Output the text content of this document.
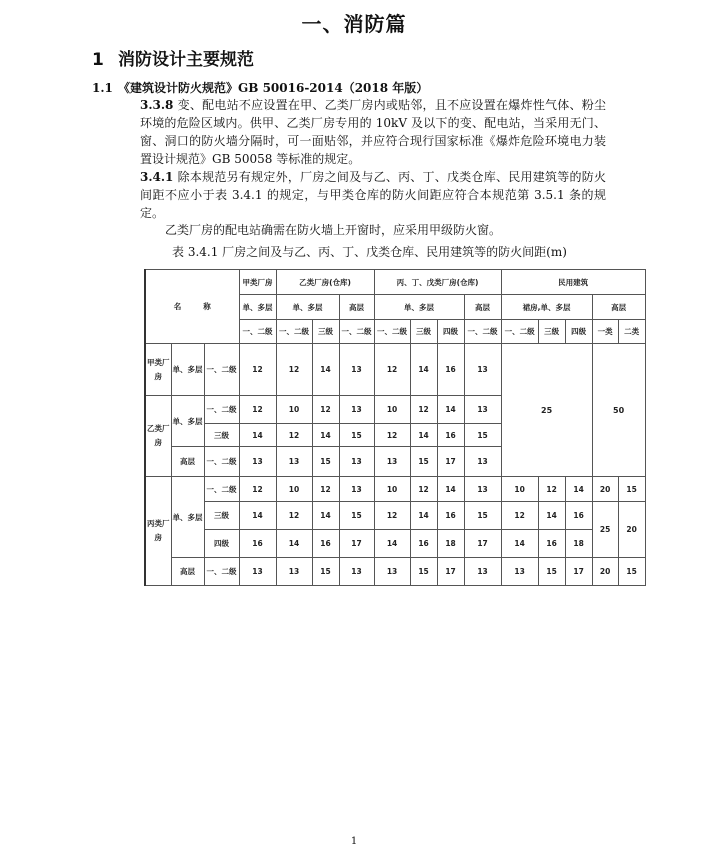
一、消防篇
1 消防设计主要规范
1.1 《建筑设计防火规范》GB 50016-2014（2018 年版）
3.3.8 变、配电站不应设置在甲、乙类厂房内或贴邻，且不应设置在爆炸性气体、粉尘环境的危险区域内。供甲、乙类厂房专用的 10kV 及以下的变、配电站，当采用无门、窗、洞口的防火墙分隔时，可一面贴邻，并应符合现行国家标准《爆炸危险环境电力装置设计规范》GB 50058 等标准的规定。
3.4.1 除本规范另有规定外，厂房之间及与乙、丙、丁、戊类仓库、民用建筑等的防火间距不应小于表 3.4.1 的规定，与甲类仓库的防火间距应符合本规范第 3.5.1 条的规定。
乙类厂房的配电站确需在防火墙上开窗时，应采用甲级防火窗。
表 3.4.1 厂房之间及与乙、丙、丁、戊类仓库、民用建筑等的防火间距(m)
名称			甲类厂房	乙类厂房(仓库)			丙、丁、戊类厂房(仓库)				民用建筑				
			单、多层	单、多层		高层	单、多层			高层	裙房,单、多层			高层	
			一、二级	一、二级	三级	一、二级	一、二级	三级	四级	一、二级	一、二级	三级	四级	一类	二类
甲类厂房	单、多层	一、二级	12	12	14	13	12	14	16	13	25			50	
乙类厂房	单、多层	一、二级	12	10	12	13	10	12	14	13					
		三级	14	12	14	15	12	14	16	15					
	高层	一、二级	13	13	15	13	13	15	17	13					
丙类厂房	单、多层	一、二级	12	10	12	13	10	12	14	13	10	12	14	20	15
		三级	14	12	14	15	12	14	16	15	12	14	16	25	20
		四级	16	14	16	17	14	16	18	17	14	16	18		
	高层	一、二级	13	13	15	13	13	15	17	13	13	15	17	20	15
1
